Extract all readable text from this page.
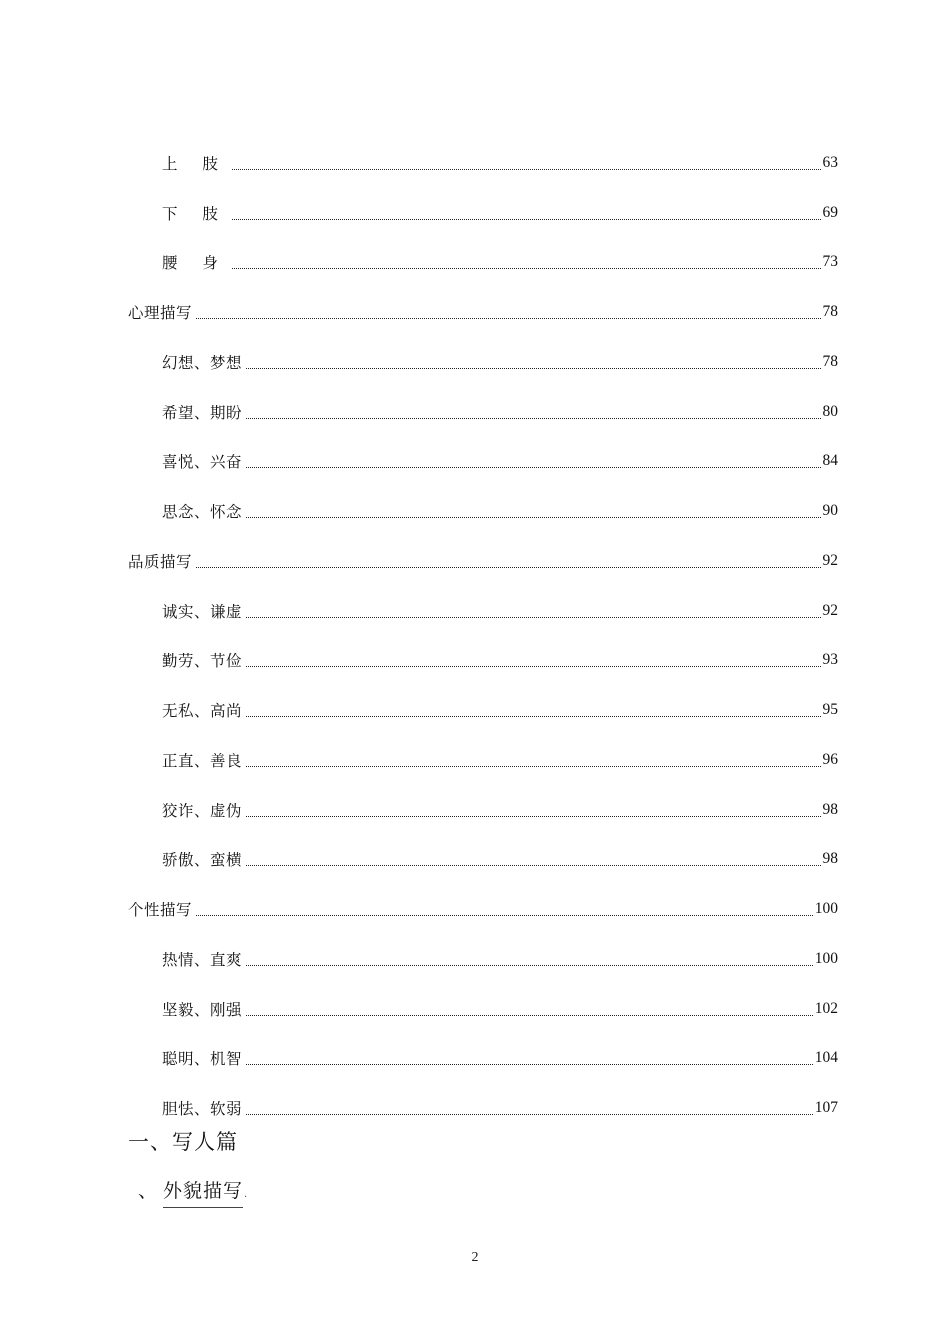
上 肢	63
下 肢	69
腰 身	73
心理描写	78
幻想、梦想	78
希望、期盼	80
喜悦、兴奋	84
思念、怀念	90
品质描写	92
诚实、谦虚	92
勤劳、节俭	93
无私、高尚	95
正直、善良	96
狡诈、虚伪	98
骄傲、蛮横	98
个性描写	100
热情、直爽	100
坚毅、刚强	102
聪明、机智	104
胆怯、软弱	107
一、写人篇
、 外貌描写 .
2
